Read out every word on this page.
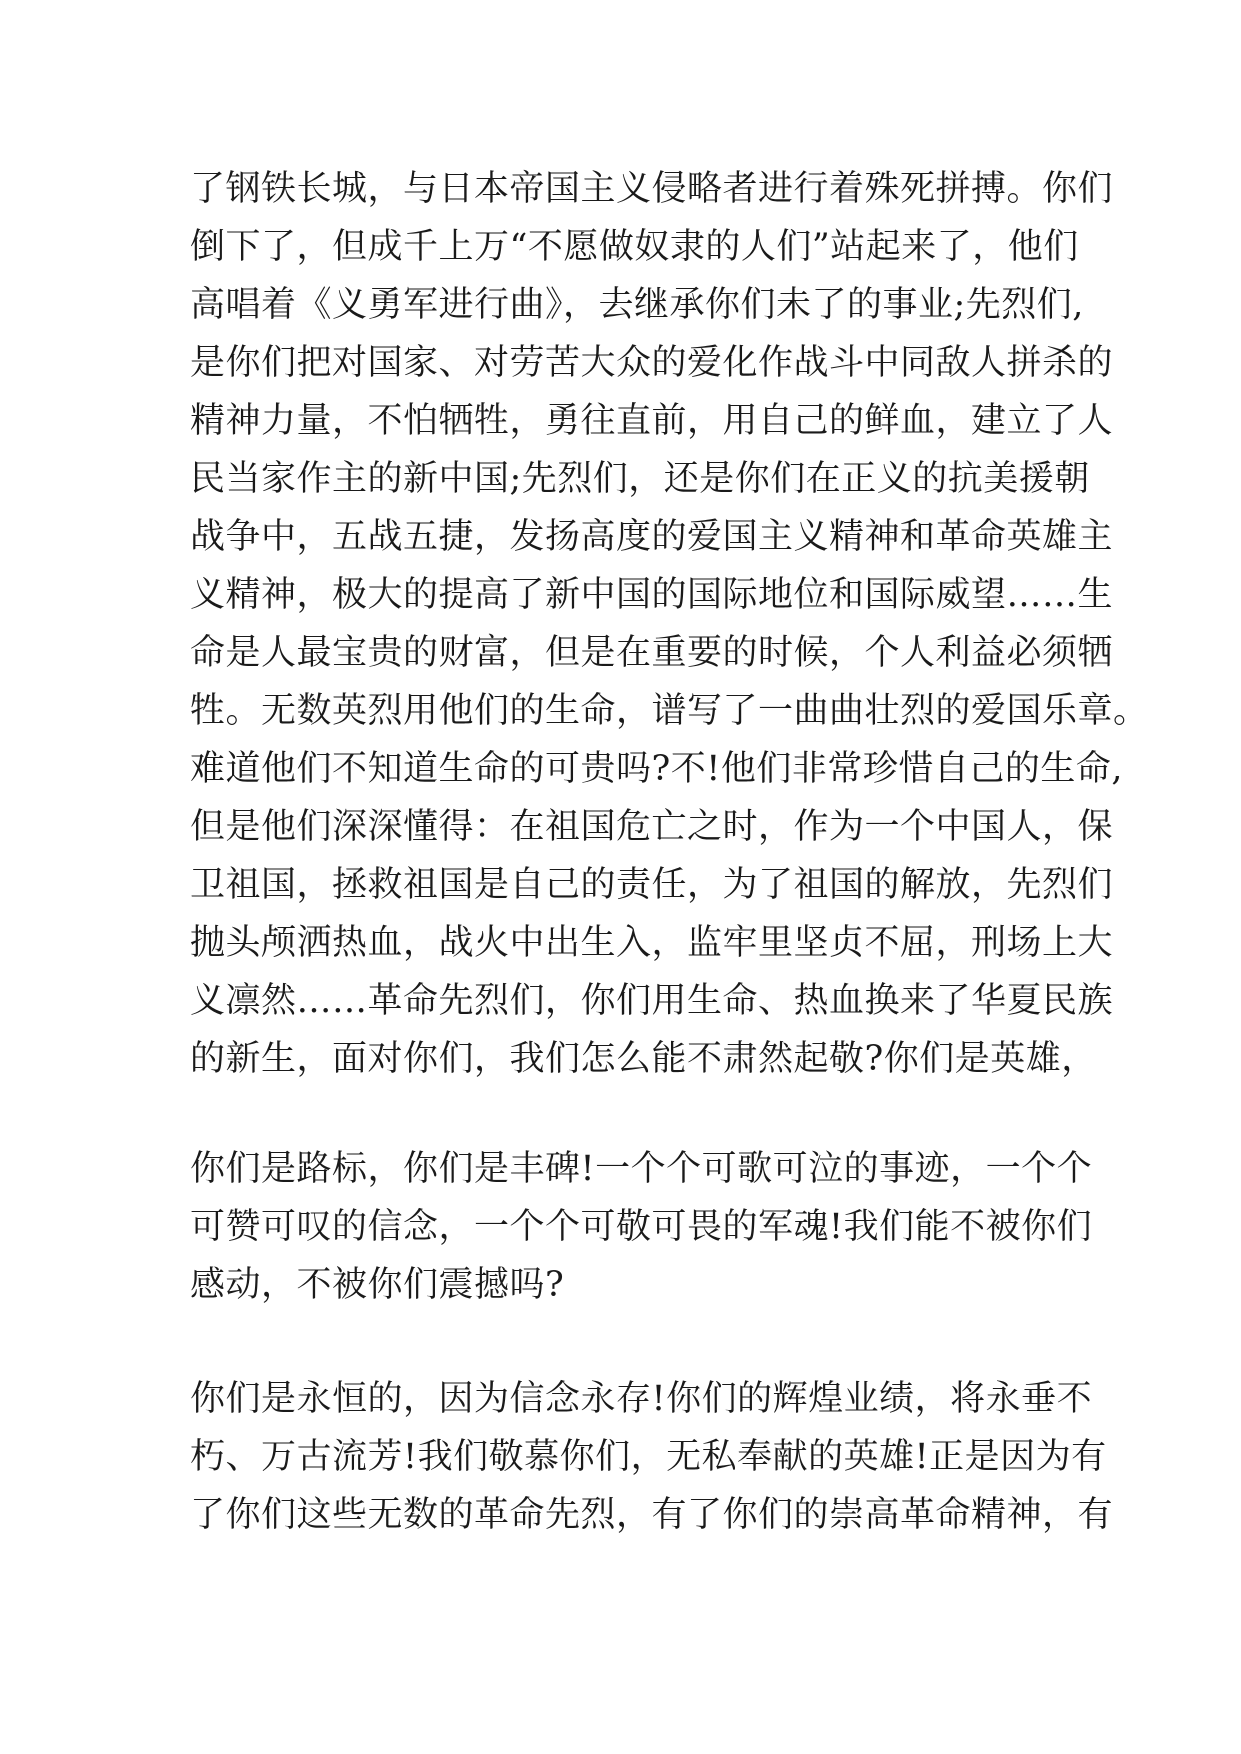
了钢铁长城，与日本帝国主义侵略者进行着殊死拼搏。你们
倒下了，但成千上万“不愿做奴隶的人们”站起来了，他们
高唱着《义勇军进行曲》，去继承你们未了的事业;先烈们,
是你们把对国家、对劳苦大众的爱化作战斗中同敌人拼杀的
精神力量，不怕牺牲，勇往直前，用自己的鲜血，建立了人
民当家作主的新中国;先烈们，还是你们在正义的抗美援朝
战争中，五战五捷，发扬高度的爱国主义精神和革命英雄主
义精神，极大的提高了新中国的国际地位和国际威望……生
命是人最宝贵的财富，但是在重要的时候，个人利益必须牺
牲。无数英烈用他们的生命，谱写了一曲曲壮烈的爱国乐章。
难道他们不知道生命的可贵吗?不!他们非常珍惜自己的生命,
但是他们深深懂得：在祖国危亡之时，作为一个中国人，保
卫祖国，拯救祖国是自己的责任，为了祖国的解放，先烈们
抛头颅洒热血，战火中出生入，监牢里坚贞不屈，刑场上大
义凛然……革命先烈们，你们用生命、热血换来了华夏民族
的新生，面对你们，我们怎么能不肃然起敬?你们是英雄，
你们是路标，你们是丰碑!一个个可歌可泣的事迹，一个个
可赞可叹的信念，一个个可敬可畏的军魂!我们能不被你们
感动，不被你们震撼吗?
你们是永恒的，因为信念永存!你们的辉煌业绩，将永垂不
朽、万古流芳!我们敬慕你们，无私奉献的英雄!正是因为有
了你们这些无数的革命先烈，有了你们的崇高革命精神，有
